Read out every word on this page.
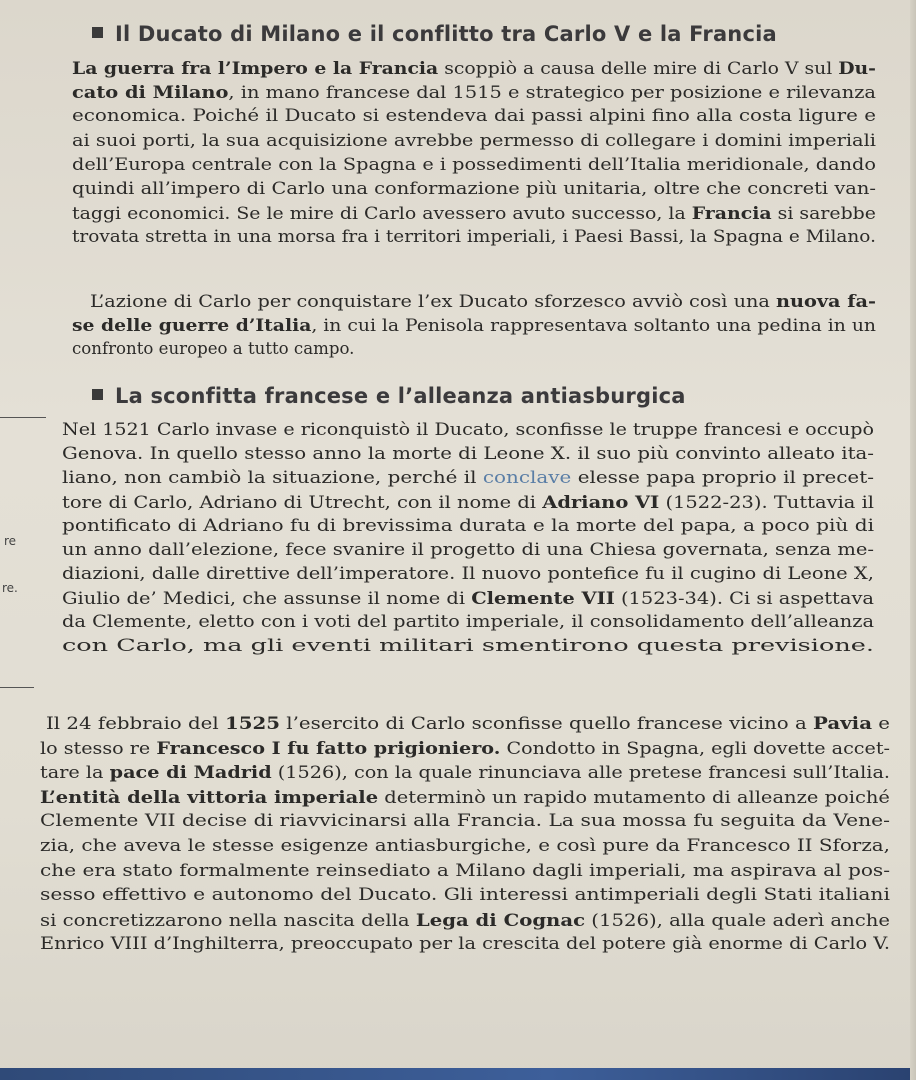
Il Ducato di Milano e il conflitto tra Carlo V e la Francia
La guerra fra l’Impero e la Francia scoppiò a causa delle mire di Carlo V sul Du-
cato di Milano, in mano francese dal 1515 e strategico per posizione e rilevanza
economica. Poiché il Ducato si estendeva dai passi alpini fino alla costa ligure e
ai suoi porti, la sua acquisizione avrebbe permesso di collegare i domini imperiali
dell’Europa centrale con la Spagna e i possedimenti dell’Italia meridionale, dando
quindi all’impero di Carlo una conformazione più unitaria, oltre che concreti van-
taggi economici. Se le mire di Carlo avessero avuto successo, la Francia si sarebbe
trovata stretta in una morsa fra i territori imperiali, i Paesi Bassi, la Spagna e Milano.
L’azione di Carlo per conquistare l’ex Ducato sforzesco avviò così una nuova fa-
se delle guerre d’Italia, in cui la Penisola rappresentava soltanto una pedina in un
confronto europeo a tutto campo.
La sconfitta francese e l’alleanza antiasburgica
re
re.
Nel 1521 Carlo invase e riconquistò il Ducato, sconfisse le truppe francesi e occupò
Genova. In quello stesso anno la morte di Leone X. il suo più convinto alleato ita-
liano, non cambiò la situazione, perché il conclave elesse papa proprio il precet-
tore di Carlo, Adriano di Utrecht, con il nome di Adriano VI (1522-23). Tuttavia il
pontificato di Adriano fu di brevissima durata e la morte del papa, a poco più di
un anno dall’elezione, fece svanire il progetto di una Chiesa governata, senza me-
diazioni, dalle direttive dell’imperatore. Il nuovo pontefice fu il cugino di Leone X,
Giulio de’ Medici, che assunse il nome di Clemente VII (1523-34). Ci si aspettava
da Clemente, eletto con i voti del partito imperiale, il consolidamento dell’alleanza
con Carlo, ma gli eventi militari smentirono questa previsione.
Il 24 febbraio del 1525 l’esercito di Carlo sconfisse quello francese vicino a Pavia e
lo stesso re Francesco I fu fatto prigioniero. Condotto in Spagna, egli dovette accet-
tare la pace di Madrid (1526), con la quale rinunciava alle pretese francesi sull’Italia.
L’entità della vittoria imperiale determinò un rapido mutamento di alleanze poiché
Clemente VII decise di riavvicinarsi alla Francia. La sua mossa fu seguita da Vene-
zia, che aveva le stesse esigenze antiasburgiche, e così pure da Francesco II Sforza,
che era stato formalmente reinsediato a Milano dagli imperiali, ma aspirava al pos-
sesso effettivo e autonomo del Ducato. Gli interessi antimperiali degli Stati italiani
si concretizzarono nella nascita della Lega di Cognac (1526), alla quale aderì anche
Enrico VIII d’Inghilterra, preoccupato per la crescita del potere già enorme di Carlo V.
